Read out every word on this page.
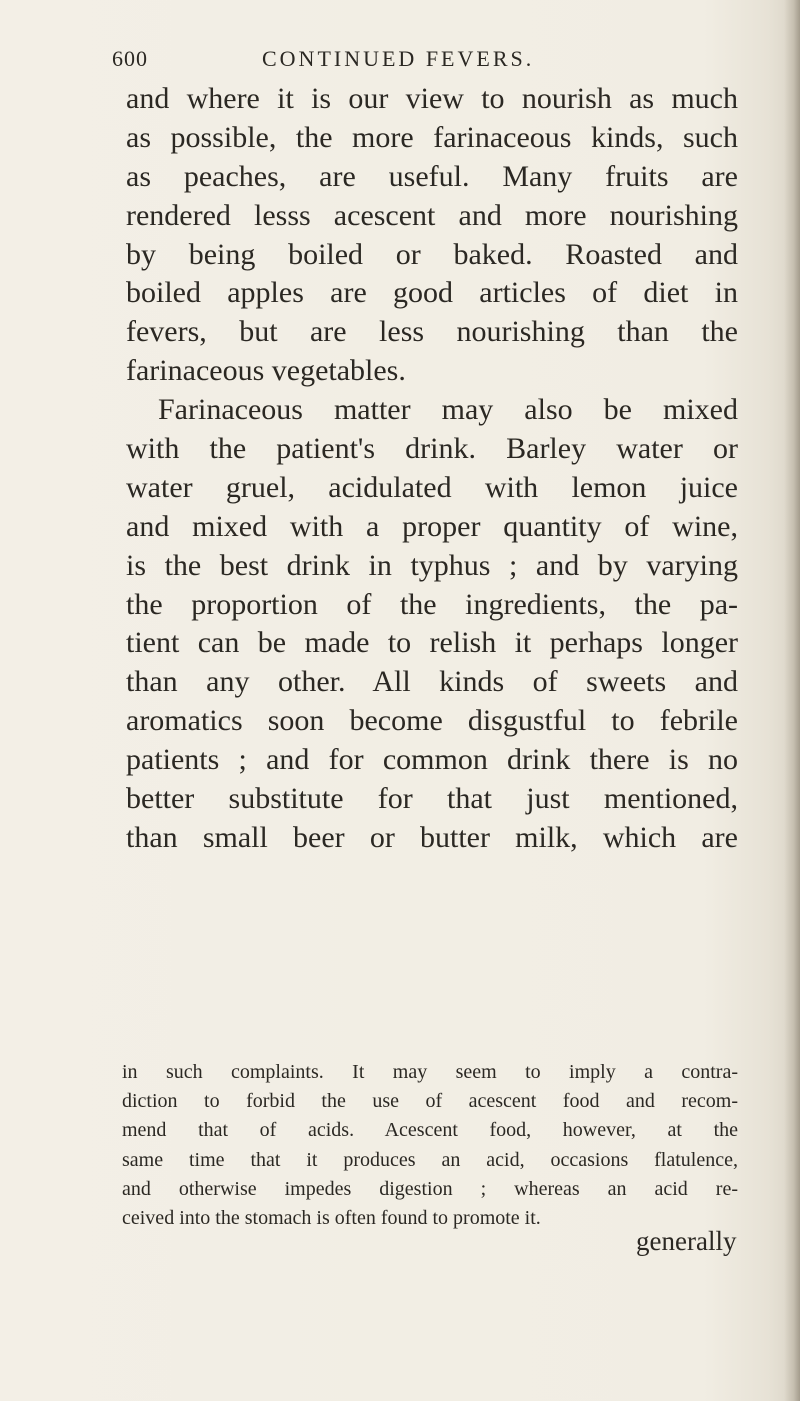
600	CONTINUED FEVERS.
and where it is our view to nourish as much
as possible, the more farinaceous kinds, such
as peaches, are useful. Many fruits are
rendered lesss acescent and more nourishing
by being boiled or baked. Roasted and
boiled apples are good articles of diet in
fevers, but are less nourishing than the
farinaceous vegetables.
Farinaceous matter may also be mixed
with the patient's drink. Barley water or
water gruel, acidulated with lemon juice
and mixed with a proper quantity of wine,
is the best drink in typhus ; and by varying
the proportion of the ingredients, the pa-
tient can be made to relish it perhaps longer
than any other. All kinds of sweets and
aromatics soon become disgustful to febrile
patients ; and for common drink there is no
better substitute for that just mentioned,
than small beer or butter milk, which are
in such complaints. It may seem to imply a contra-
diction to forbid the use of acescent food and recom-
mend that of acids. Acescent food, however, at the
same time that it produces an acid, occasions flatulence,
and otherwise impedes digestion ; whereas an acid re-
ceived into the stomach is often found to promote it.
generally
